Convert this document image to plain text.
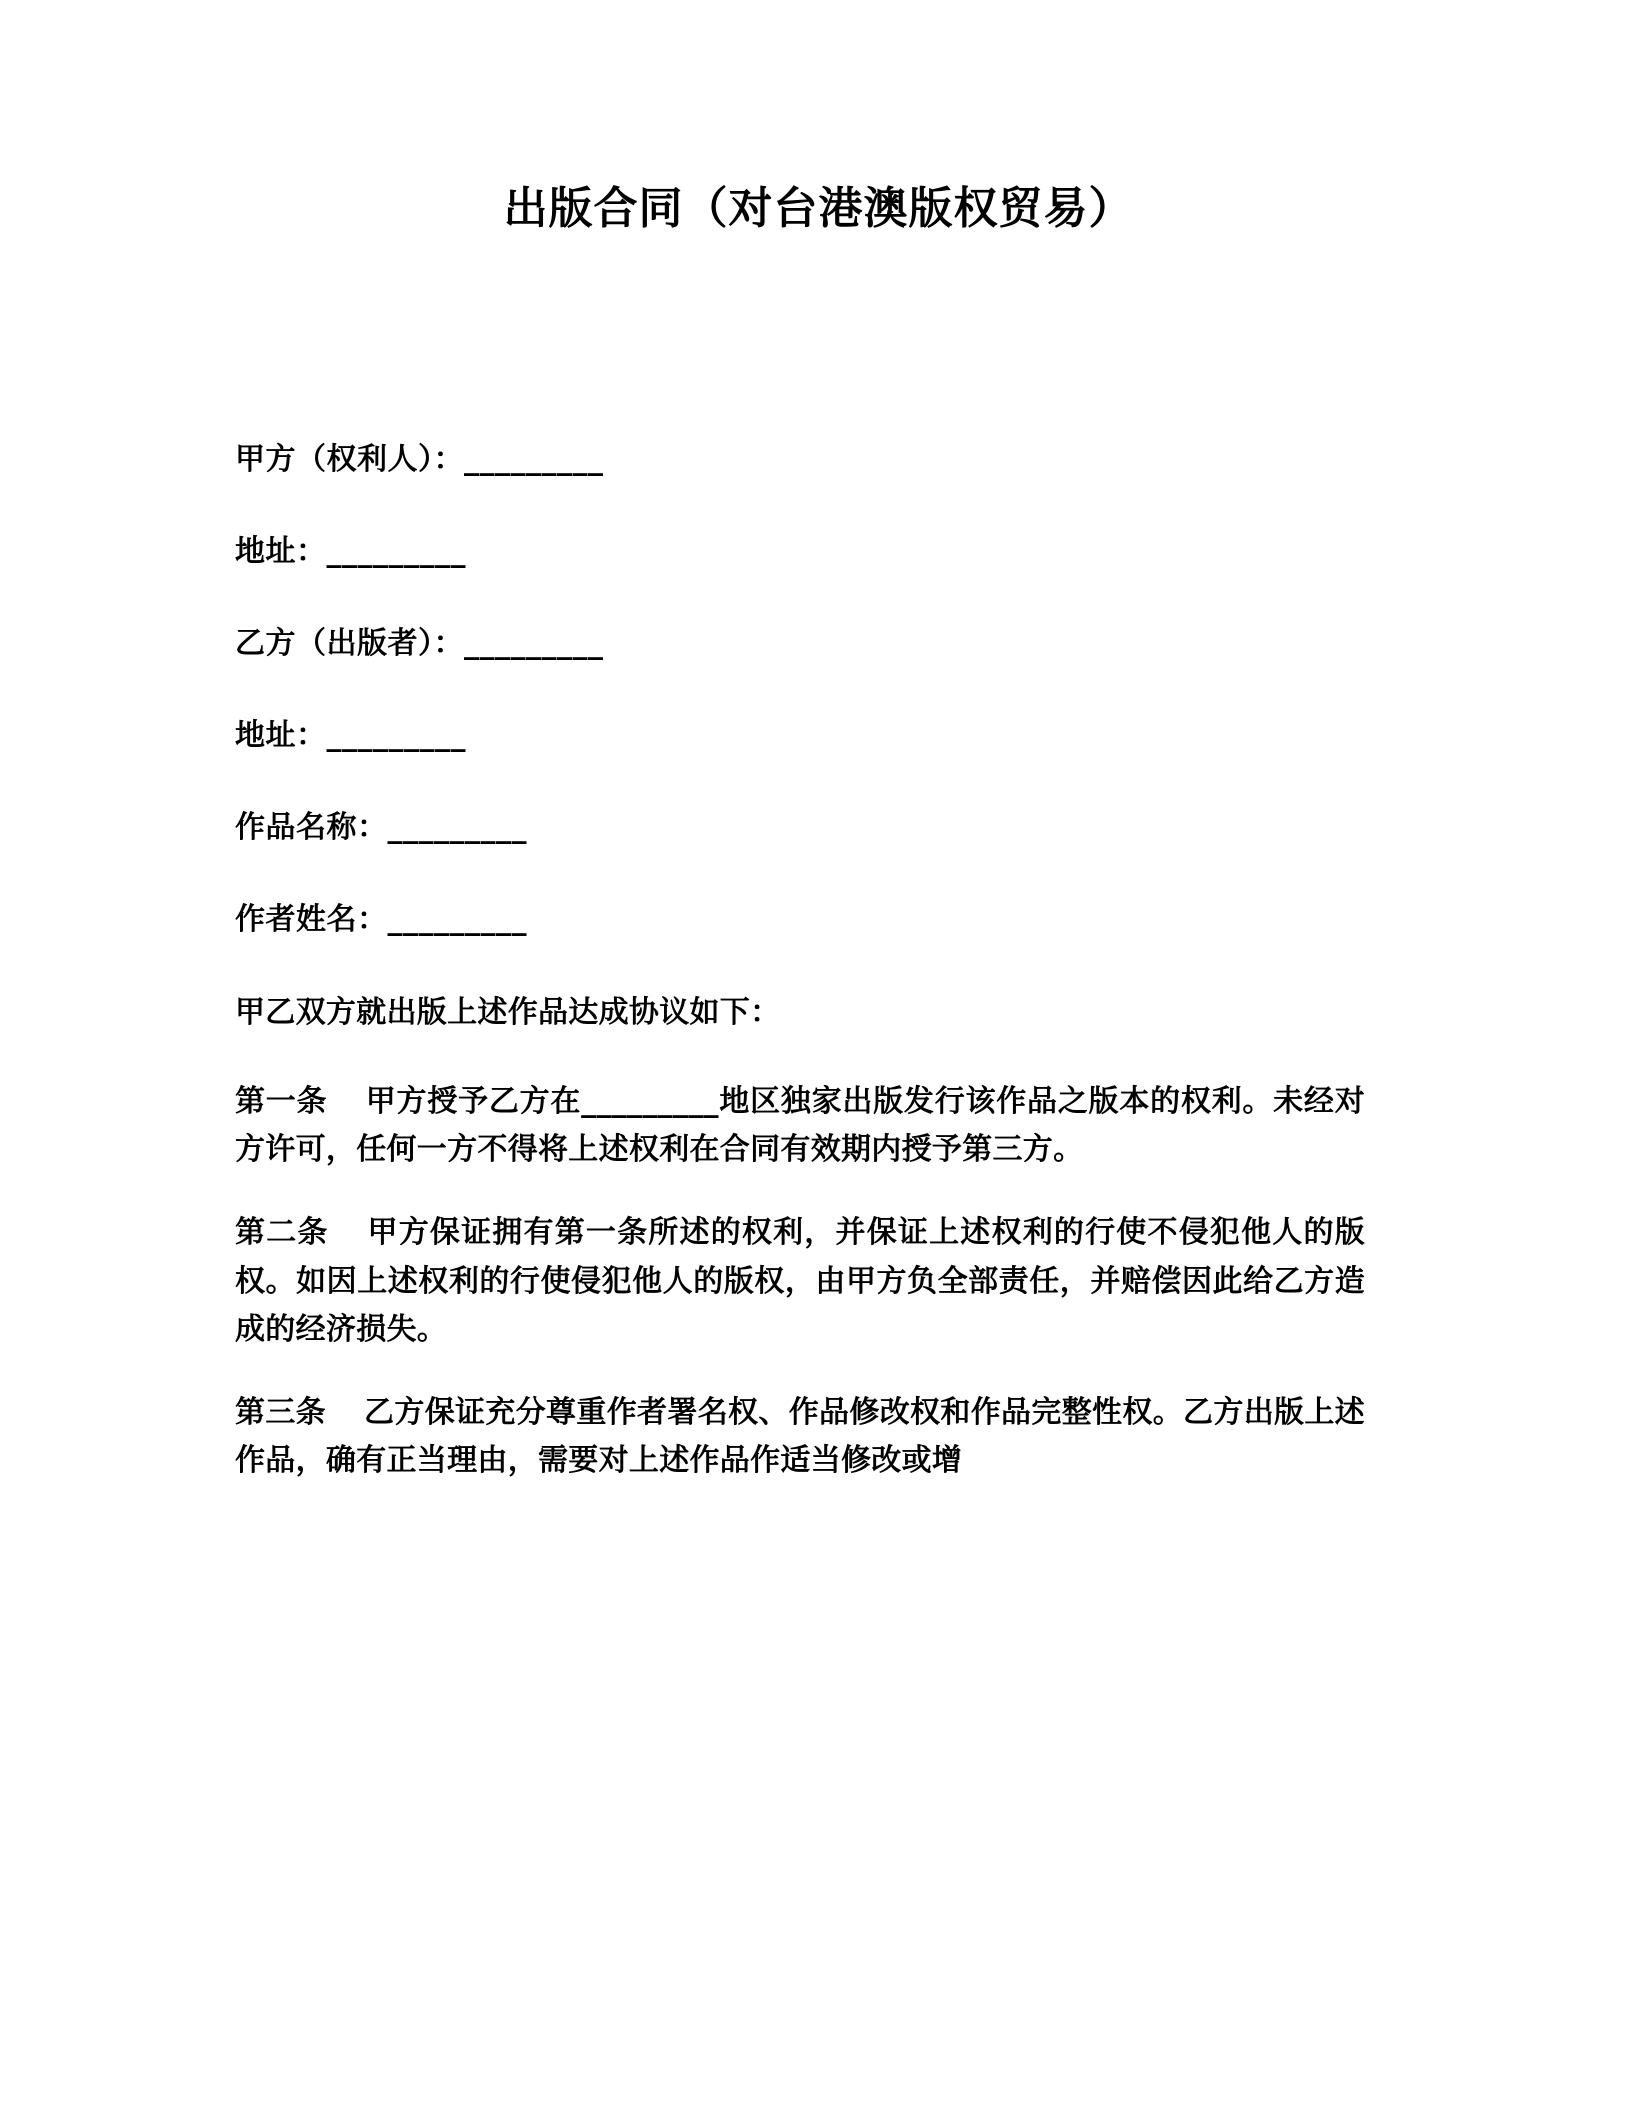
出版合同（对台港澳版权贸易）
甲方（权利人）：_________
地址：_________
乙方（出版者）：_________
地址：_________
作品名称：_________
作者姓名：_________
甲乙双方就出版上述作品达成协议如下：
第一条 甲方授予乙方在_________地区独家出版发行该作品之版本的权利。未经对方许可，任何一方不得将上述权利在合同有效期内授予第三方。
第二条 甲方保证拥有第一条所述的权利，并保证上述权利的行使不侵犯他人的版权。如因上述权利的行使侵犯他人的版权，由甲方负全部责任，并赔偿因此给乙方造成的经济损失。
第三条 乙方保证充分尊重作者署名权、作品修改权和作品完整性权。乙方出版上述作品，确有正当理由，需要对上述作品作适当修改或增
